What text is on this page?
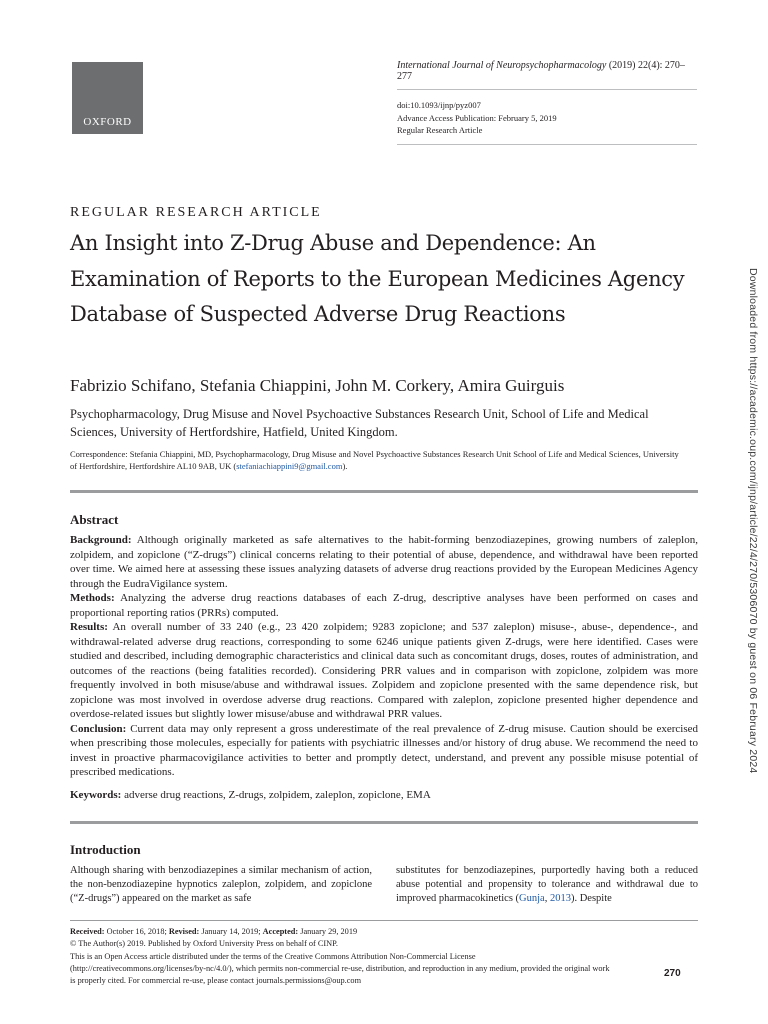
OXFORD
International Journal of Neuropsychopharmacology (2019) 22(4): 270–277
doi:10.1093/ijnp/pyz007
Advance Access Publication: February 5, 2019
Regular Research Article
REGULAR RESEARCH ARTICLE
An Insight into Z-Drug Abuse and Dependence: An Examination of Reports to the European Medicines Agency Database of Suspected Adverse Drug Reactions
Fabrizio Schifano, Stefania Chiappini, John M. Corkery, Amira Guirguis
Psychopharmacology, Drug Misuse and Novel Psychoactive Substances Research Unit, School of Life and Medical Sciences, University of Hertfordshire, Hatfield, United Kingdom.
Correspondence: Stefania Chiappini, MD, Psychopharmacology, Drug Misuse and Novel Psychoactive Substances Research Unit School of Life and Medical Sciences, University of Hertfordshire, Hertfordshire AL10 9AB, UK (stefaniachiappini9@gmail.com).
Abstract
Background: Although originally marketed as safe alternatives to the habit-forming benzodiazepines, growing numbers of zaleplon, zolpidem, and zopiclone (“Z-drugs”) clinical concerns relating to their potential of abuse, dependence, and withdrawal have been reported over time. We aimed here at assessing these issues analyzing datasets of adverse drug reactions provided by the European Medicines Agency through the EudraVigilance system.
Methods: Analyzing the adverse drug reactions databases of each Z-drug, descriptive analyses have been performed on cases and proportional reporting ratios (PRRs) computed.
Results: An overall number of 33 240 (e.g., 23 420 zolpidem; 9283 zopiclone; and 537 zaleplon) misuse-, abuse-, dependence-, and withdrawal-related adverse drug reactions, corresponding to some 6246 unique patients given Z-drugs, were here identified. Cases were studied and described, including demographic characteristics and clinical data such as concomitant drugs, doses, routes of administration, and outcomes of the reactions (being fatalities recorded). Considering PRR values and in comparison with zopiclone, zolpidem was more frequently involved in both misuse/abuse and withdrawal issues. Zolpidem and zopiclone presented with the same dependence risk, but zopiclone was most involved in overdose adverse drug reactions. Compared with zaleplon, zopiclone presented higher dependence and overdose-related issues but slightly lower misuse/abuse and withdrawal PRR values.
Conclusion: Current data may only represent a gross underestimate of the real prevalence of Z-drug misuse. Caution should be exercised when prescribing those molecules, especially for patients with psychiatric illnesses and/or history of drug abuse. We recommend the need to invest in proactive pharmacovigilance activities to better and promptly detect, understand, and prevent any possible misuse potential of prescribed medications.
Keywords: adverse drug reactions, Z-drugs, zolpidem, zaleplon, zopiclone, EMA
Introduction
Although sharing with benzodiazepines a similar mechanism of action, the non-benzodiazepine hypnotics zaleplon, zolpidem, and zopiclone (“Z-drugs”) appeared on the market as safe
substitutes for benzodiazepines, purportedly having both a reduced abuse potential and propensity to tolerance and withdrawal due to improved pharmacokinetics (Gunja, 2013). Despite
Received: October 16, 2018; Revised: January 14, 2019; Accepted: January 29, 2019
© The Author(s) 2019. Published by Oxford University Press on behalf of CINP.
This is an Open Access article distributed under the terms of the Creative Commons Attribution Non-Commercial License (http://creativecommons.org/licenses/by-nc/4.0/), which permits non-commercial re-use, distribution, and reproduction in any medium, provided the original work is properly cited. For commercial re-use, please contact journals.permissions@oup.com
270
Downloaded from https://academic.oup.com/ijnp/article/22/4/270/5306070 by guest on 06 February 2024
